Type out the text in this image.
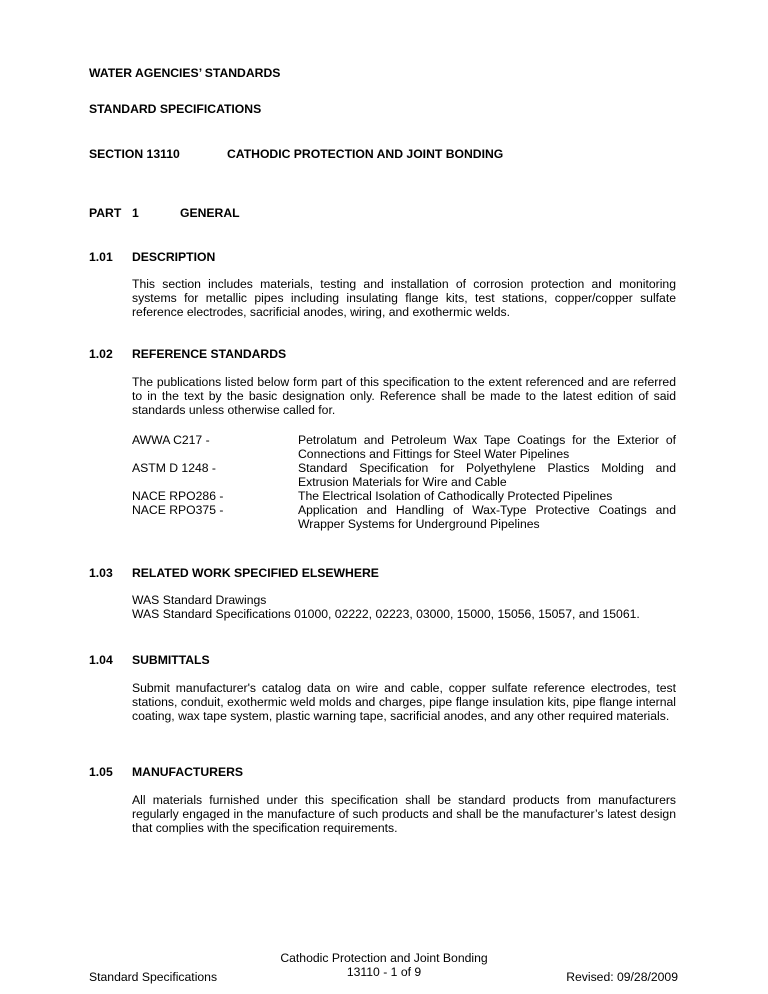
WATER AGENCIES’ STANDARDS
STANDARD SPECIFICATIONS
SECTION 13110	CATHODIC PROTECTION AND JOINT BONDING
PART 1	GENERAL
1.01 DESCRIPTION

This section includes materials, testing and installation of corrosion protection and monitoring systems for metallic pipes including insulating flange kits, test stations, copper/copper sulfate reference electrodes, sacrificial anodes, wiring, and exothermic welds.

1.02 REFERENCE STANDARDS

The publications listed below form part of this specification to the extent referenced and are referred to in the text by the basic designation only. Reference shall be made to the latest edition of said standards unless otherwise called for.

AWWA C217 -	Petrolatum and Petroleum Wax Tape Coatings for the Exterior of Connections and Fittings for Steel Water Pipelines
ASTM D 1248 -	Standard Specification for Polyethylene Plastics Molding and Extrusion Materials for Wire and Cable
NACE RPO286 -	The Electrical Isolation of Cathodically Protected Pipelines
NACE RPO375 -	Application and Handling of Wax-Type Protective Coatings and Wrapper Systems for Underground Pipelines
1.03 RELATED WORK SPECIFIED ELSEWHERE
WAS Standard Drawings
WAS Standard Specifications 01000, 02222, 02223, 03000, 15000, 15056, 15057, and 15061.
1.04 SUBMITTALS

Submit manufacturer's catalog data on wire and cable, copper sulfate reference electrodes, test stations, conduit, exothermic weld molds and charges, pipe flange insulation kits, pipe flange internal coating, wax tape system, plastic warning tape, sacrificial anodes, and any other required materials.

1.05 MANUFACTURERS

All materials furnished under this specification shall be standard products from manufacturers regularly engaged in the manufacture of such products and shall be the manufacturer’s latest design that complies with the specification requirements.

Standard Specifications
Cathodic Protection and Joint Bonding
13110 - 1 of 9	Revised: 09/28/2009
